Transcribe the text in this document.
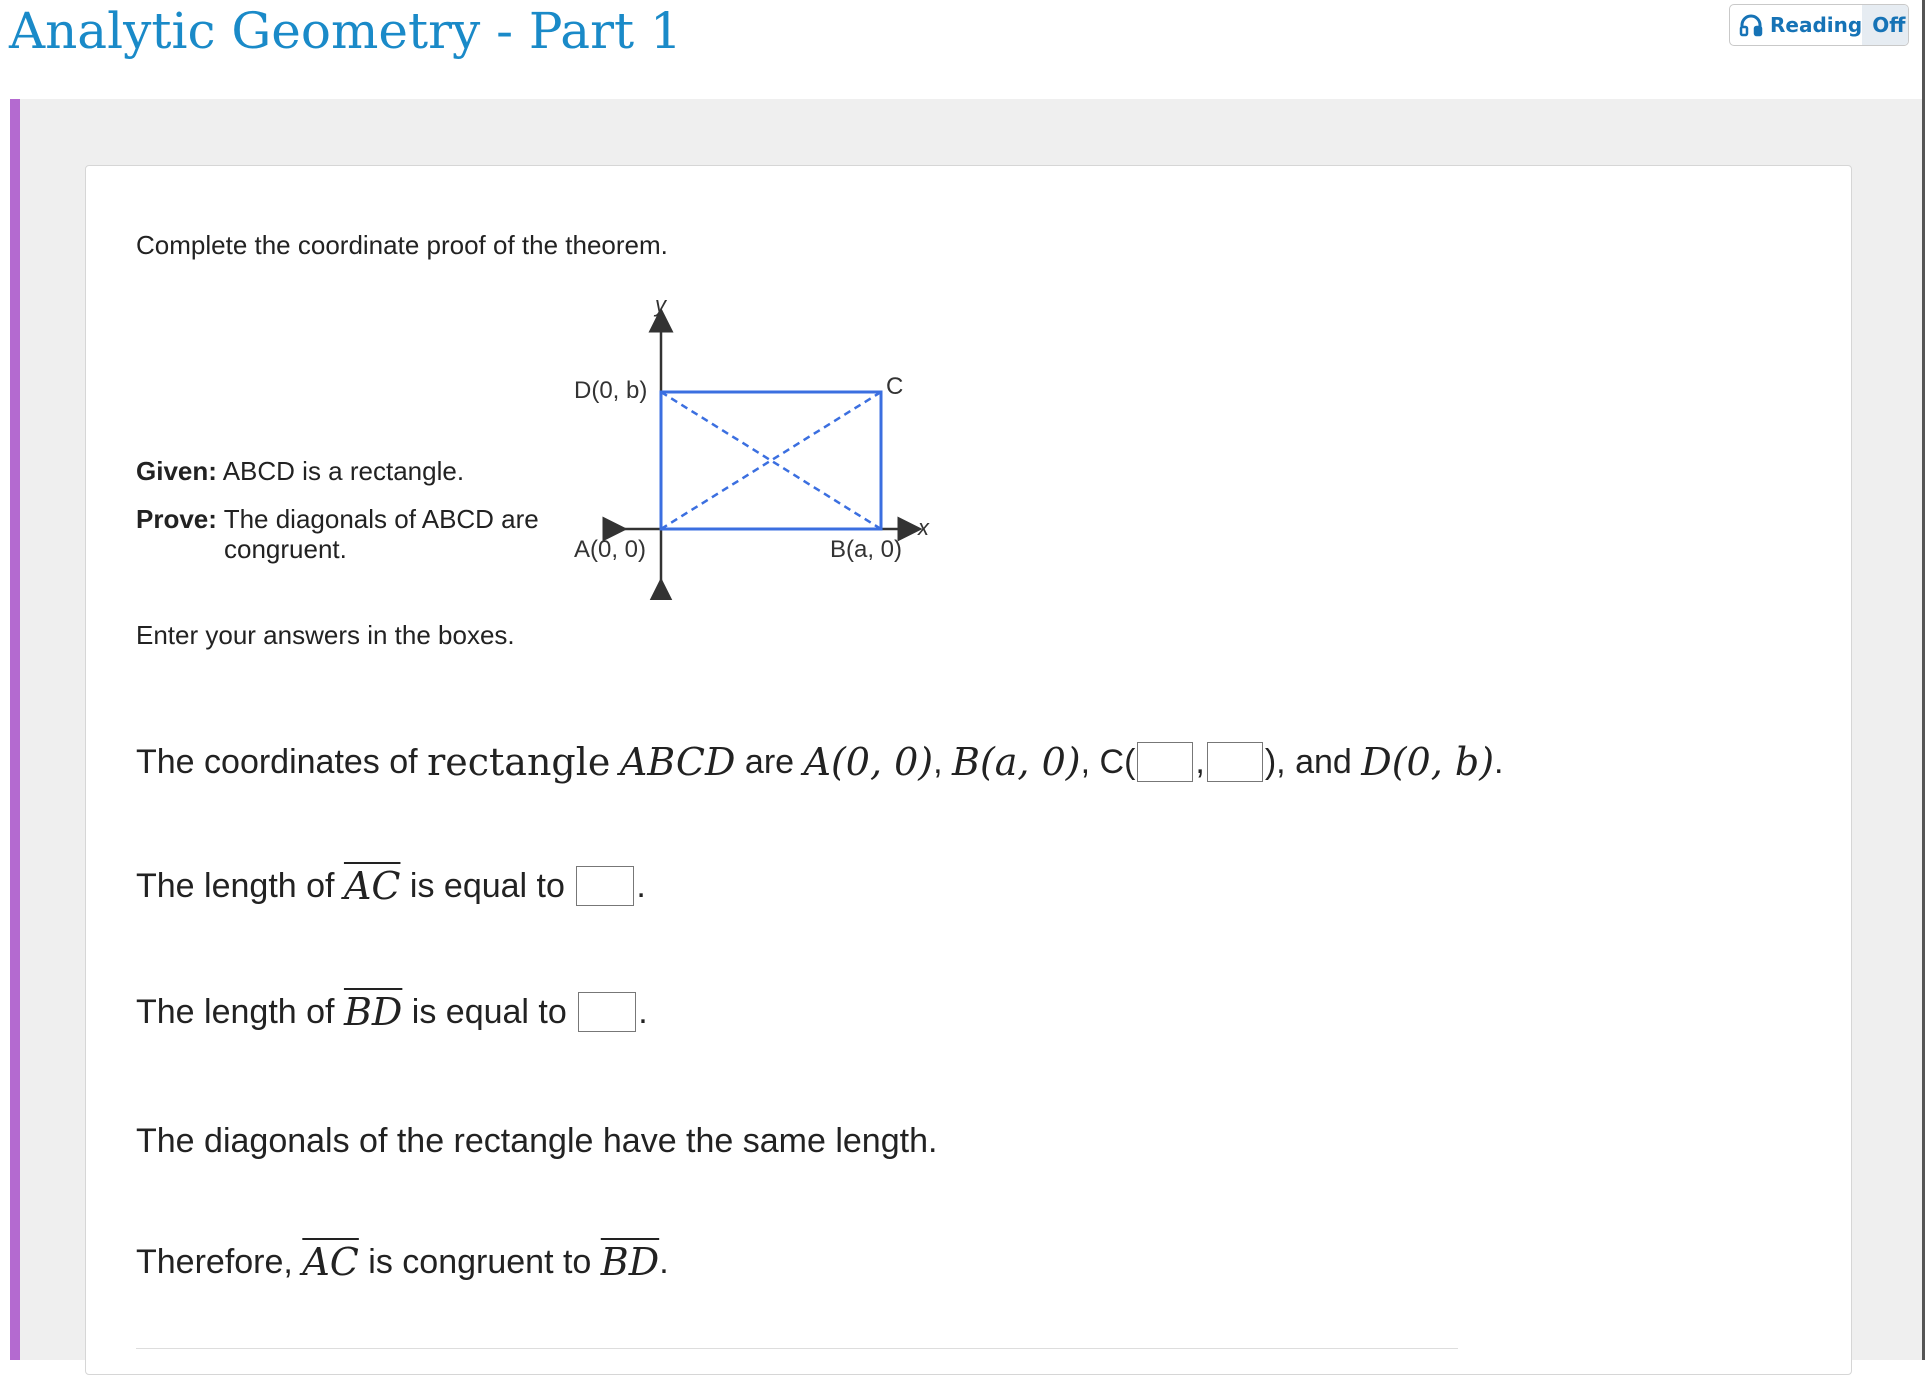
Analytic Geometry - Part 1	Reading Off
Complete the coordinate proof of the theorem.
Given: ABCD is a rectangle.
Prove: The diagonals of ABCD are
congruent.
y
x
D(0, b)	C
A(0, 0)	B(a, 0)
Enter your answers in the boxes.
The coordinates of
rectangle
ABCD
are
A(0, 0) , B(a, 0) , C( , ), and
D(0, b) .
The length of
$\overline{AC}$
is equal to
.
The length of
$\overline{BD}$
is equal to
.
The diagonals of the rectangle have the same length.
Therefore,
$\overline{AC}$
is congruent to
$\overline{BD}$ .
